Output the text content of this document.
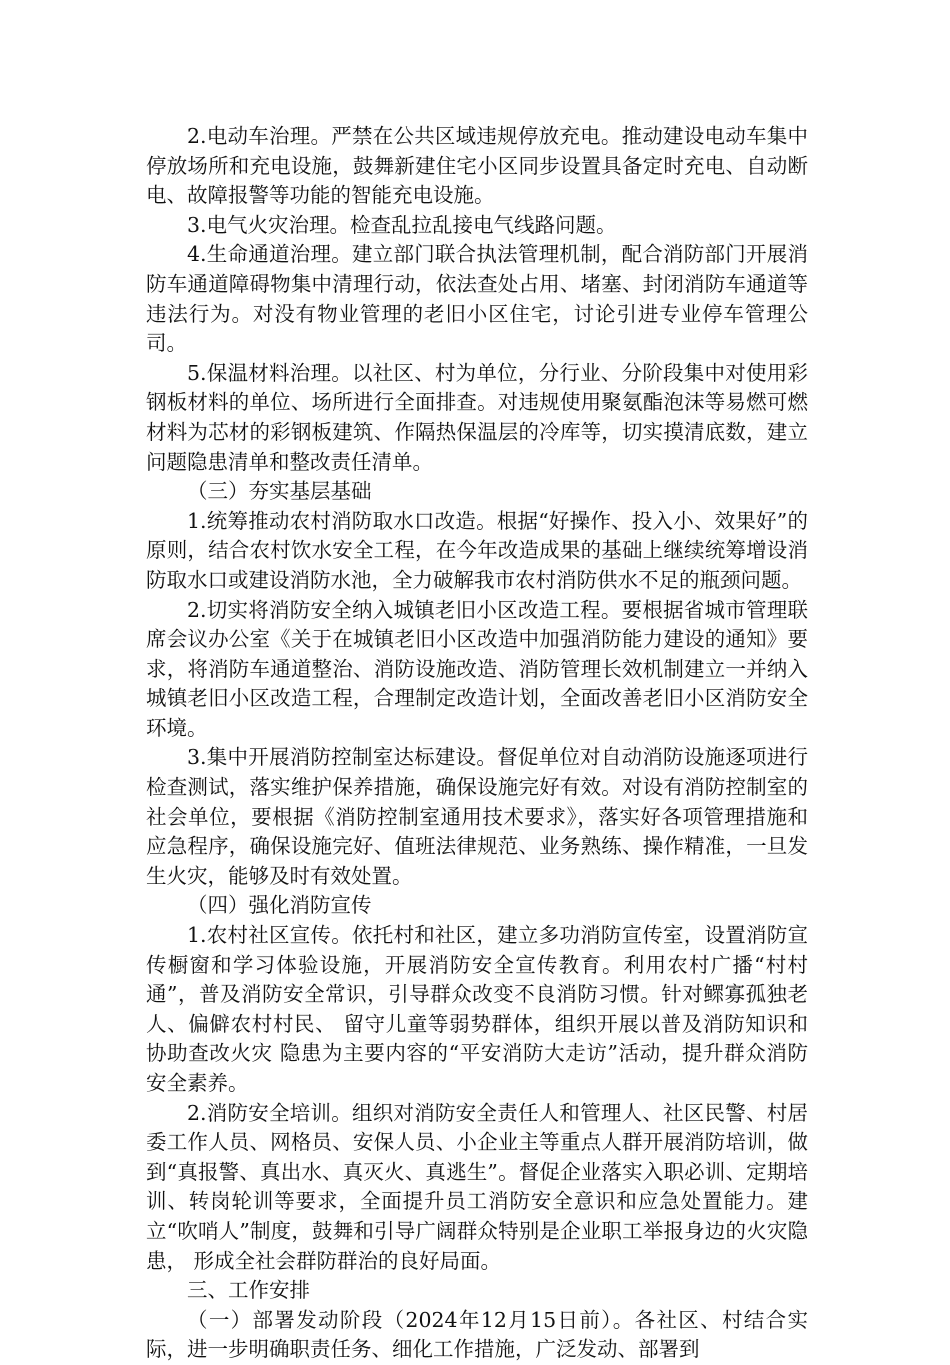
2.电动车治理。严禁在公共区域违规停放充电。推动建设电动车集中停放场所和充电设施，鼓舞新建住宅小区同步设置具备定时充电、自动断电、故障报警等功能的智能充电设施。

3.电气火灾治理。检查乱拉乱接电气线路问题。

4.生命通道治理。建立部门联合执法管理机制，配合消防部门开展消防车通道障碍物集中清理行动，依法查处占用、堵塞、封闭消防车通道等违法行为。对没有物业管理的老旧小区住宅，讨论引进专业停车管理公司。

5.保温材料治理。以社区、村为单位，分行业、分阶段集中对使用彩钢板材料的单位、场所进行全面排查。对违规使用聚氨酯泡沫等易燃可燃材料为芯材的彩钢板建筑、作隔热保温层的冷库等，切实摸清底数，建立问题隐患清单和整改责任清单。

（三）夯实基层基础

1.统筹推动农村消防取水口改造。根据“好操作、投入小、效果好”的原则，结合农村饮水安全工程，在今年改造成果的基础上继续统筹增设消防取水口或建设消防水池，全力破解我市农村消防供水不足的瓶颈问题。

2.切实将消防安全纳入城镇老旧小区改造工程。要根据省城市管理联席会议办公室《关于在城镇老旧小区改造中加强消防能力建设的通知》要求，将消防车通道整治、消防设施改造、消防管理长效机制建立一并纳入城镇老旧小区改造工程，合理制定改造计划，全面改善老旧小区消防安全环境。

3.集中开展消防控制室达标建设。督促单位对自动消防设施逐项进行检查测试，落实维护保养措施，确保设施完好有效。对设有消防控制室的社会单位，要根据《消防控制室通用技术要求》，落实好各项管理措施和应急程序，确保设施完好、值班法律规范、业务熟练、操作精准，一旦发生火灾，能够及时有效处置。

（四）强化消防宣传

1.农村社区宣传。依托村和社区，建立多功消防宣传室，设置消防宣传橱窗和学习体验设施，开展消防安全宣传教育。利用农村广播“村村通”，普及消防安全常识，引导群众改变不良消防习惯。针对鳏寡孤独老人、偏僻农村村民、 留守儿童等弱势群体，组织开展以普及消防知识和协助查改火灾 隐患为主要内容的“平安消防大走访”活动，提升群众消防安全素养。

2.消防安全培训。组织对消防安全责任人和管理人、社区民警、村居委工作人员、网格员、安保人员、小企业主等重点人群开展消防培训，做到“真报警、真出水、真灭火、真逃生”。督促企业落实入职必训、定期培训、转岗轮训等要求，全面提升员工消防安全意识和应急处置能力。建立“吹哨人”制度，鼓舞和引导广阔群众特别是企业职工举报身边的火灾隐患， 形成全社会群防群治的良好局面。

三、工作安排

（一）部署发动阶段（2024年12月15日前）。各社区、村结合实际，进一步明确职责任务、细化工作措施，广泛发动、部署到
